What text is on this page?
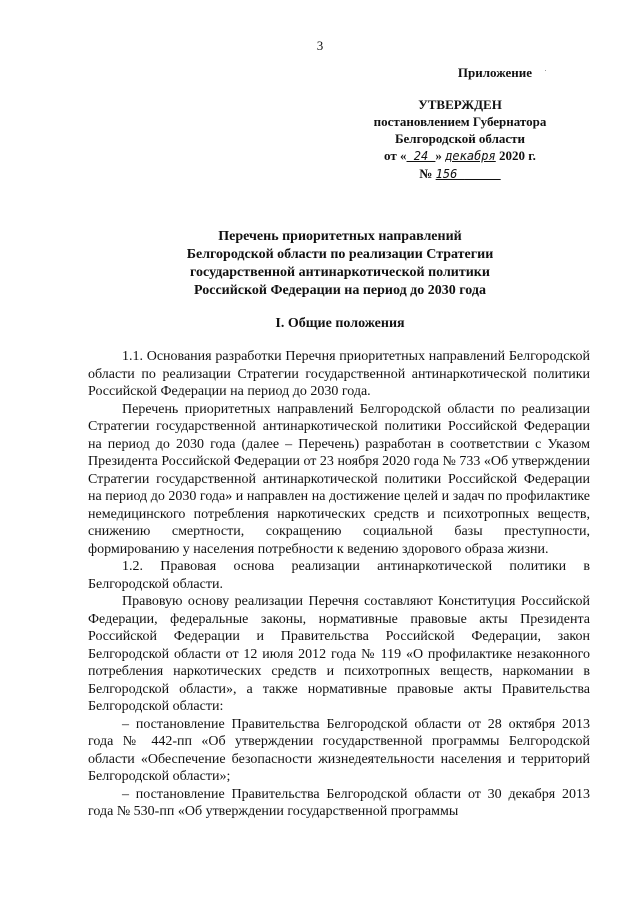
3
Приложение
УТВЕРЖДЕН
постановлением Губернатора
Белгородской области
от « 24 » декабря 2020 г.
№ 156
Перечень приоритетных направлений
Белгородской области по реализации Стратегии
государственной антинаркотической политики
Российской Федерации на период до 2030 года
I. Общие положения

1.1. Основания разработки Перечня приоритетных направлений Белгородской области по реализации Стратегии государственной антинаркотической политики Российской Федерации на период до 2030 года.

Перечень приоритетных направлений Белгородской области по реализации Стратегии государственной антинаркотической политики Российской Федерации на период до 2030 года (далее – Перечень) разработан в соответствии с Указом Президента Российской Федерации от 23 ноября 2020 года № 733 «Об утверждении Стратегии государственной антинаркотической политики Российской Федерации на период до 2030 года» и направлен на достижение целей и задач по профилактике немедицинского потребления наркотических средств и психотропных веществ, снижению смертности, сокращению социальной базы преступности, формированию у населения потребности к ведению здорового образа жизни.

1.2. Правовая основа реализации антинаркотической политики в Белгородской области.

Правовую основу реализации Перечня составляют Конституция Российской Федерации, федеральные законы, нормативные правовые акты Президента Российской Федерации и Правительства Российской Федерации, закон Белгородской области от 12 июля 2012 года № 119 «О профилактике незаконного потребления наркотических средств и психотропных веществ, наркомании в Белгородской области», а также нормативные правовые акты Правительства Белгородской области:

– постановление Правительства Белгородской области от 28 октября 2013 года № 442-пп «Об утверждении государственной программы Белгородской области «Обеспечение безопасности жизнедеятельности населения и территорий Белгородской области»;

– постановление Правительства Белгородской области от 30 декабря 2013 года № 530-пп «Об утверждении государственной программы
